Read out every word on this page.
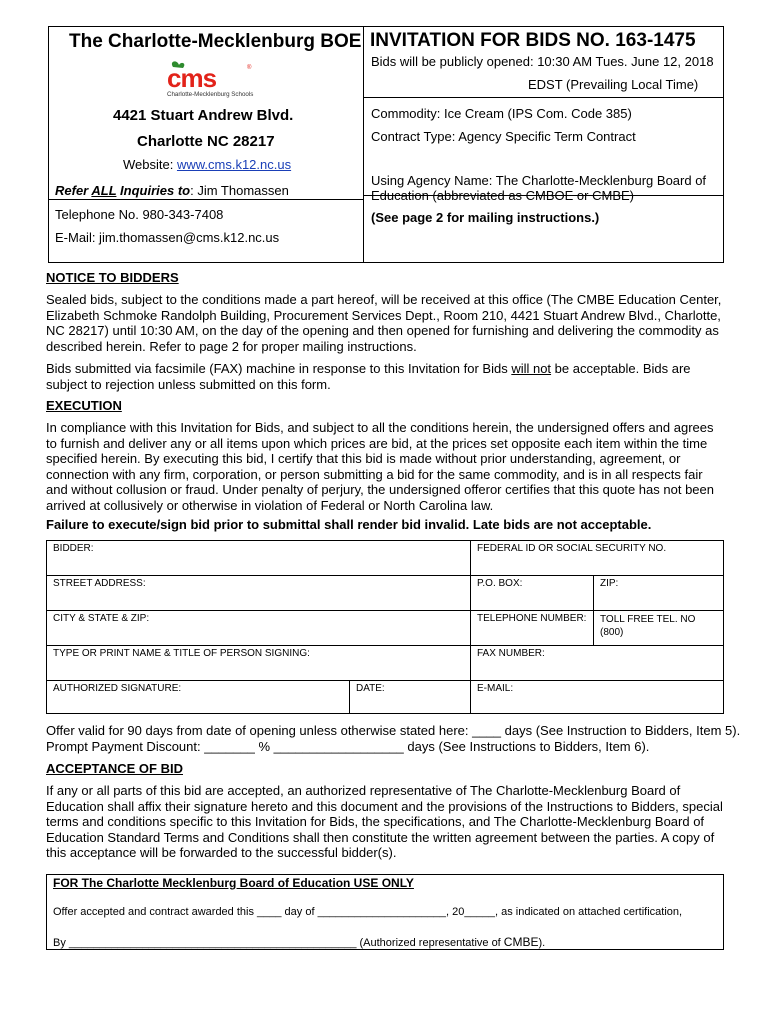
The Charlotte-Mecklenburg BOE
cms	®
Charlotte-Mecklenburg Schools
4421 Stuart Andrew Blvd.
Charlotte NC 28217
Website: www.cms.k12.nc.us
Refer ALL Inquiries to: Jim Thomassen
Telephone No. 980-343-7408
E-Mail: jim.thomassen@cms.k12.nc.us
INVITATION FOR BIDS NO. 163-1475
Bids will be publicly opened: 10:30 AM Tues. June 12, 2018
EDST (Prevailing Local Time)
Commodity: Ice Cream (IPS Com. Code 385)
Contract Type: Agency Specific Term Contract
Using Agency Name: The Charlotte-Mecklenburg Board of
Education (abbreviated as CMBOE or CMBE)
(See page 2 for mailing instructions.)
NOTICE TO BIDDERS
Sealed bids, subject to the conditions made a part hereof, will be received at this office (The CMBE Education Center, Elizabeth Schmoke Randolph Building, Procurement Services Dept., Room 210, 4421 Stuart Andrew Blvd., Charlotte, NC 28217) until 10:30 AM, on the day of the opening and then opened for furnishing and delivering the commodity as described herein. Refer to page 2 for proper mailing instructions.
Bids submitted via facsimile (FAX) machine in response to this Invitation for Bids will not be acceptable. Bids are subject to rejection unless submitted on this form.
EXECUTION
In compliance with this Invitation for Bids, and subject to all the conditions herein, the undersigned offers and agrees to furnish and deliver any or all items upon which prices are bid, at the prices set opposite each item within the time specified herein. By executing this bid, I certify that this bid is made without prior understanding, agreement, or connection with any firm, corporation, or person submitting a bid for the same commodity, and is in all respects fair and without collusion or fraud. Under penalty of perjury, the undersigned offeror certifies that this quote has not been arrived at collusively or otherwise in violation of Federal or North Carolina law.
Failure to execute/sign bid prior to submittal shall render bid invalid. Late bids are not acceptable.
BIDDER:	FEDERAL ID OR SOCIAL SECURITY NO.
STREET ADDRESS:	P.O. BOX:	ZIP:
CITY & STATE & ZIP:	TELEPHONE NUMBER:	TOLL FREE TEL. NO
(800)
TYPE OR PRINT NAME & TITLE OF PERSON SIGNING:	FAX NUMBER:
AUTHORIZED SIGNATURE:	DATE:	E-MAIL:
Offer valid for 90 days from date of opening unless otherwise stated here: ____ days (See Instruction to Bidders, Item 5).
Prompt Payment Discount: _______ % __________________ days (See Instructions to Bidders, Item 6).
ACCEPTANCE OF BID
If any or all parts of this bid are accepted, an authorized representative of The Charlotte-Mecklenburg Board of Education shall affix their signature hereto and this document and the provisions of the Instructions to Bidders, special terms and conditions specific to this Invitation for Bids, the specifications, and The Charlotte-Mecklenburg Board of Education Standard Terms and Conditions shall then constitute the written agreement between the parties. A copy of this acceptance will be forwarded to the successful bidder(s).
FOR The Charlotte Mecklenburg Board of Education USE ONLY
Offer accepted and contract awarded this ____ day of _____________________, 20_____, as indicated on attached certification,
By _______________________________________________ (Authorized representative of CMBE).
